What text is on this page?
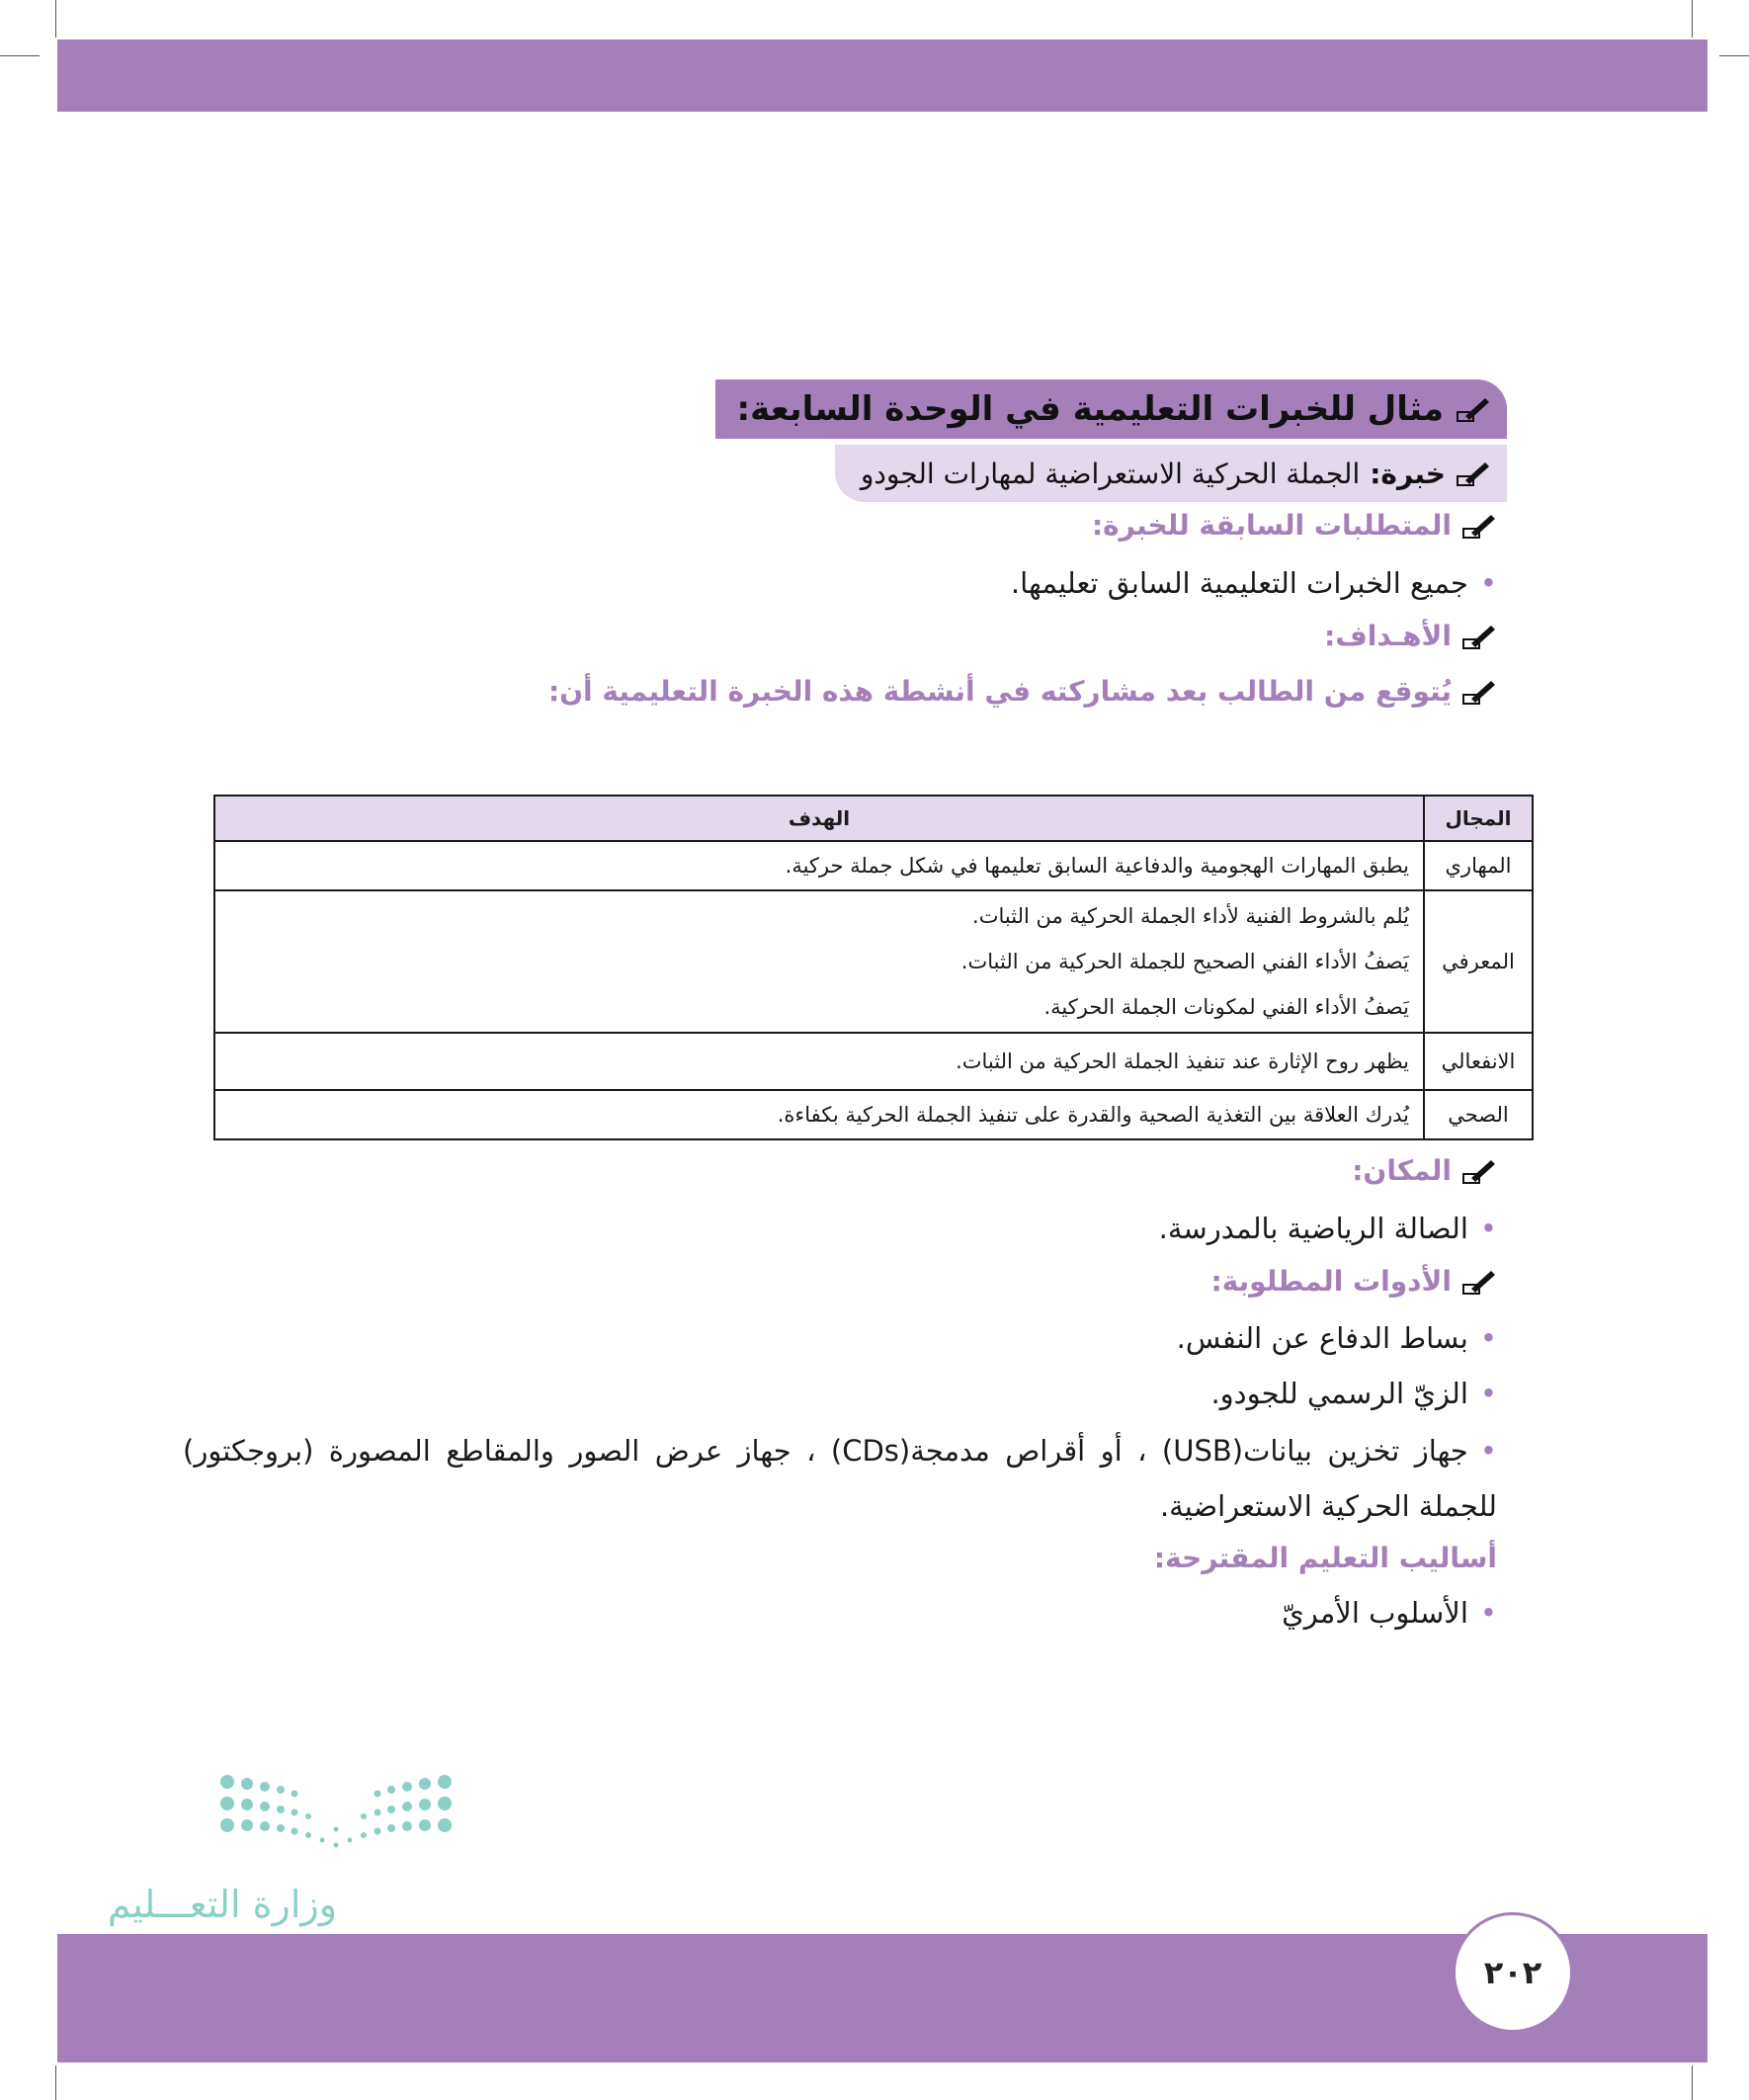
مثال للخبرات التعليمية في الوحدة السابعة:
خبرة:
الجملة الحركية الاستعراضية لمهارات الجودو
المتطلبات السابقة للخبرة:
•جميع الخبرات التعليمية السابق تعليمها.
الأهـداف:
يُتوقع من الطالب بعد مشاركته في أنشطة هذه الخبرة التعليمية أن:
المجال	الهدف
المهاري	يطبق المهارات الهجومية والدفاعية السابق تعليمها في شكل جملة حركية.

المعرفي	يُلم بالشروط الفنية لأداء الجملة الحركية من الثبات.
يَصفُ الأداء الفني الصحيح للجملة الحركية من الثبات.
يَصفُ الأداء الفني لمكونات الجملة الحركية.

الانفعالي	يظهر روح الإثارة عند تنفيذ الجملة الحركية من الثبات.

الصحي	يُدرك العلاقة بين التغذية الصحية والقدرة على تنفيذ الجملة الحركية بكفاءة.
المكان:
•الصالة الرياضية بالمدرسة.
الأدوات المطلوبة:
•بساط الدفاع عن النفس.
•الزيّ الرسمي للجودو.
•جهاز تخزين بيانات(USB) ، أو أقراص مدمجة(CDs) ، جهاز عرض الصور والمقاطع المصورة (بروجكتور) للجملة الحركية الاستعراضية.
أساليب التعليم المقترحة:
•الأسلوب الأمريّ
وزارة التعـــليم
٢٠٢
